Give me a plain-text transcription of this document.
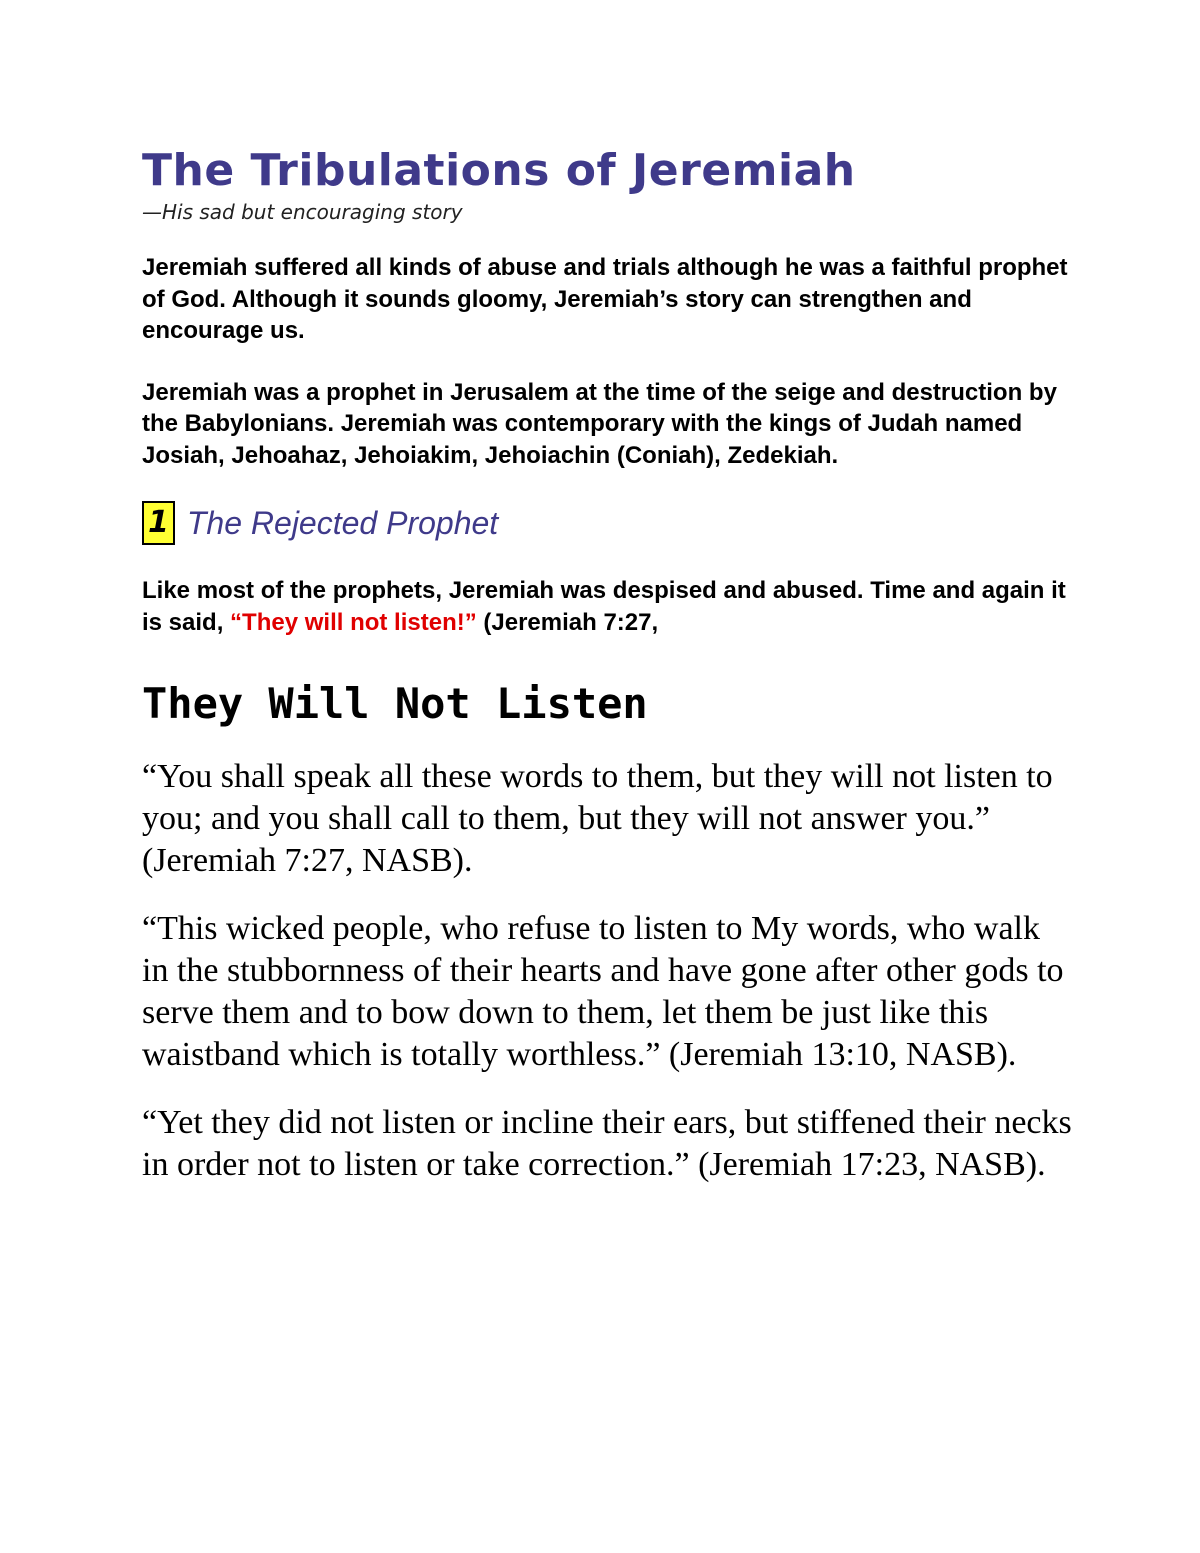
The Tribulations of Jeremiah

—His sad but encouraging story

Jeremiah suffered all kinds of abuse and trials although he was a faithful prophet of God. Although it sounds gloomy, Jeremiah’s story can strengthen and encourage us.

Jeremiah was a prophet in Jerusalem at the time of the seige and destruction by the Babylonians. Jeremiah was contemporary with the kings of Judah named Josiah, Jehoahaz, Jehoiakim, Jehoiachin (Coniah), Zedekiah.

1 The Rejected Prophet

Like most of the prophets, Jeremiah was despised and abused. Time and again it is said, “They will not listen!” (Jeremiah 7:27,

They Will Not Listen

“You shall speak all these words to them, but they will not listen to you; and you shall call to them, but they will not answer you.” (Jeremiah 7:27, NASB).

“This wicked people, who refuse to listen to My words, who walk in the stubbornness of their hearts and have gone after other gods to serve them and to bow down to them, let them be just like this waistband which is totally worthless.” (Jeremiah 13:10, NASB).

“Yet they did not listen or incline their ears, but stiffened their necks in order not to listen or take correction.” (Jeremiah 17:23, NASB).
